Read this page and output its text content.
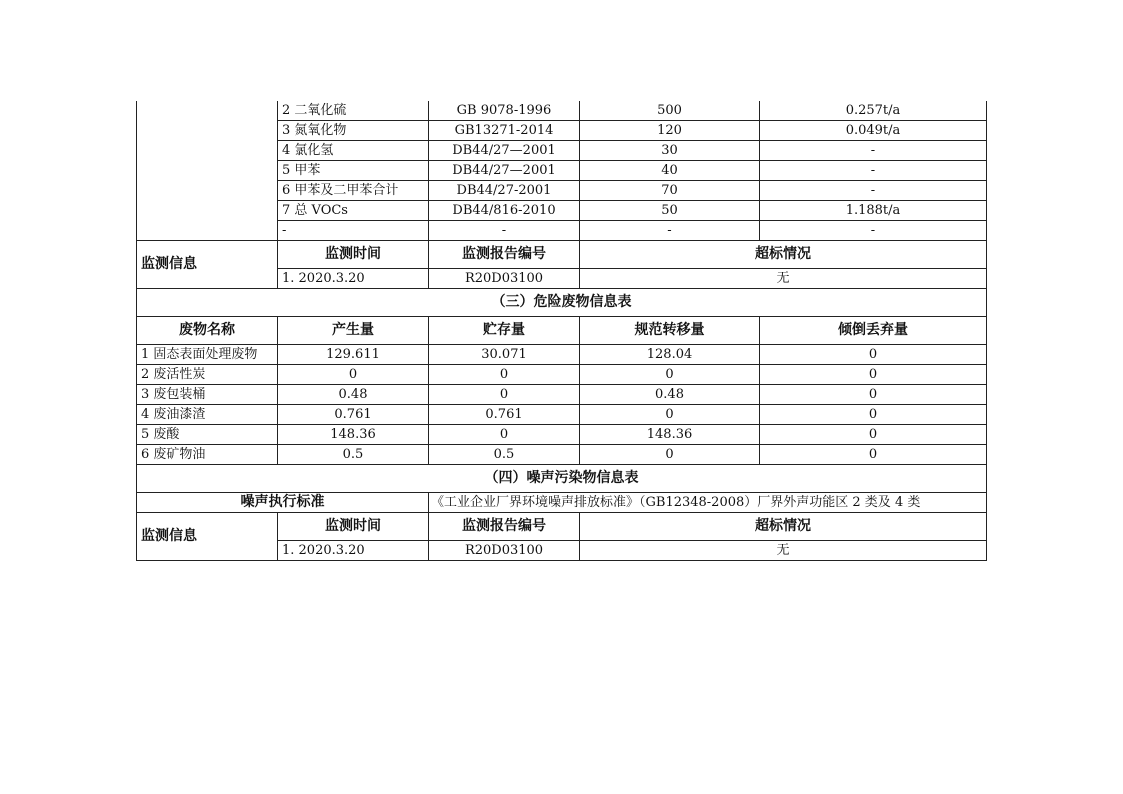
	2 二氧化硫	GB 9078-1996	500	0.257t/a
	3 氮氧化物	GB13271-2014	120	0.049t/a
	4 氯化氢	DB44/27—2001	30	-
	5 甲苯	DB44/27—2001	40	-
	6 甲苯及二甲苯合计	DB44/27-2001	70	-
	7 总 VOCs	DB44/816-2010	50	1.188t/a
	-	-	-	-
监测信息	监测时间	监测报告编号	超标情况	
	1. 2020.3.20	R20D03100	无	
（三）危险废物信息表				
废物名称	产生量	贮存量	规范转移量	倾倒丢弃量
1 固态表面处理废物	129.611	30.071	128.04	0
2 废活性炭	0	0	0	0
3 废包装桶	0.48	0	0.48	0
4 废油漆渣	0.761	0.761	0	0
5 废酸	148.36	0	148.36	0
6 废矿物油	0.5	0.5	0	0
（四）噪声污染物信息表				
噪声执行标准		《工业企业厂界环境噪声排放标准》（GB12348-2008）厂界外声功能区 2 类及 4 类		
监测信息	监测时间	监测报告编号	超标情况	
	1. 2020.3.20	R20D03100	无	
